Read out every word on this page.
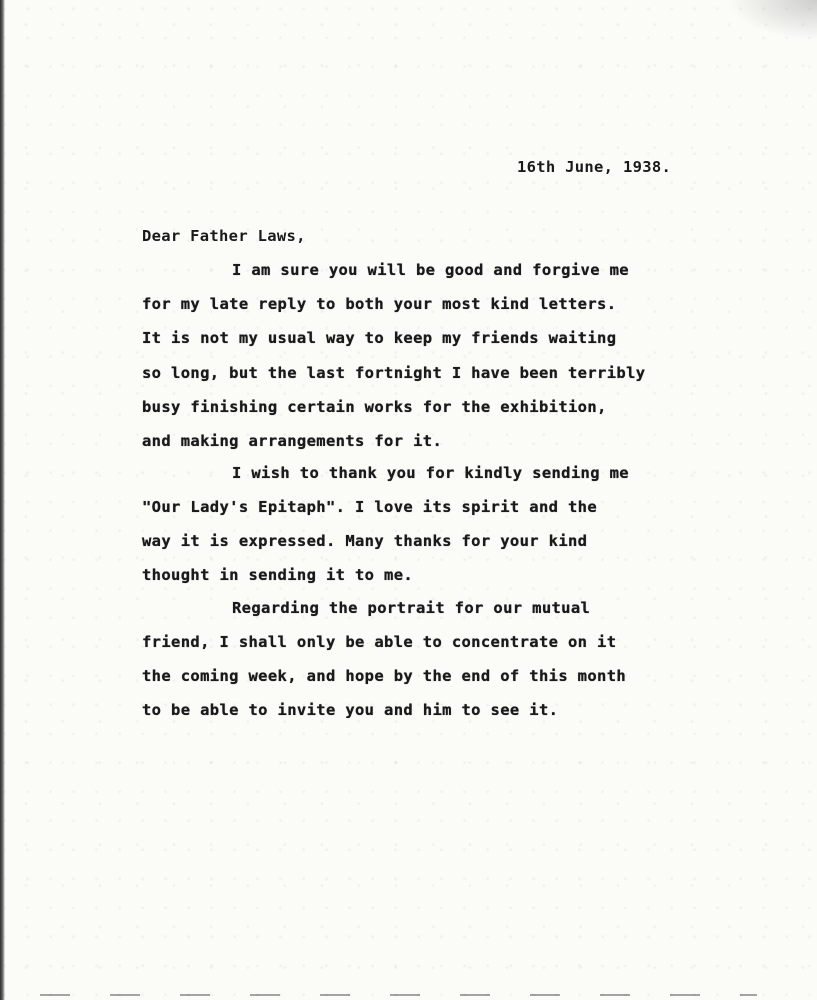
16th June, 1938.
Dear Father Laws,
I am sure you will be good and forgive me
for my late reply to both your most kind letters.
It is not my usual way to keep my friends waiting
so long, but the last fortnight I have been terribly
busy finishing certain works for the exhibition,
and making arrangements for it.
I wish to thank you for kindly sending me
"Our Lady's Epitaph". I love its spirit and the
way it is expressed. Many thanks for your kind
thought in sending it to me.
Regarding the portrait for our mutual
friend, I shall only be able to concentrate on it
the coming week, and hope by the end of this month
to be able to invite you and him to see it.
